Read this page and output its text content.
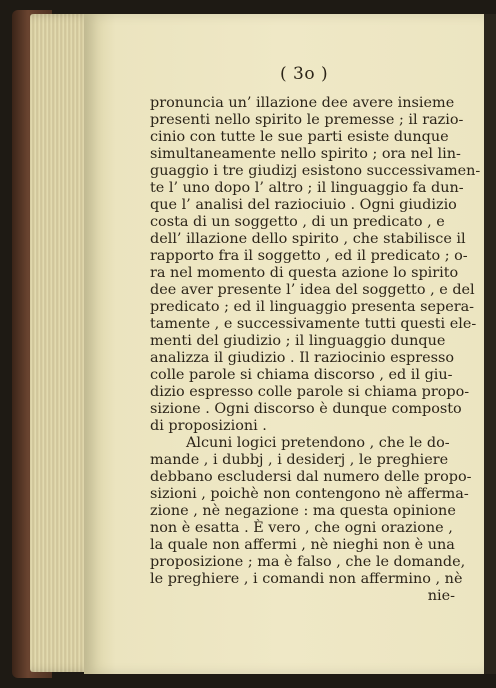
( 3o )
pronuncia un’ illazione dee avere insieme
presenti nello spirito le premesse ; il razio-
cinio con tutte le sue parti esiste dunque
simultaneamente nello spirito ; ora nel lin-
guaggio i tre giudizj esistono successivamen-
te l’ uno dopo l’ altro ; il linguaggio fa dun-
que l’ analisi del raziociuio . Ogni giudizio
costa di un soggetto , di un predicato , e
dell’ illazione dello spirito , che stabilisce il
rapporto fra il soggetto , ed il predicato ; o-
ra nel momento di questa azione lo spirito
dee aver presente l’ idea del soggetto , e del
predicato ; ed il linguaggio presenta sepera-
tamente , e successivamente tutti questi ele-
menti del giudizio ; il linguaggio dunque
analizza il giudizio . Il raziocinio espresso
colle parole si chiama discorso , ed il giu-
dizio espresso colle parole si chiama propo-
sizione . Ogni discorso è dunque composto
di proposizioni .
Alcuni logici pretendono , che le do-
mande , i dubbj , i desiderj , le preghiere
debbano escludersi dal numero delle propo-
sizioni , poichè non contengono nè afferma-
zione , nè negazione : ma questa opinione
non è esatta . È vero , che ogni orazione ,
la quale non affermi , nè nieghi non è una
proposizione ; ma è falso , che le domande,
le preghiere , i comandi non affermino , nè
nie-
